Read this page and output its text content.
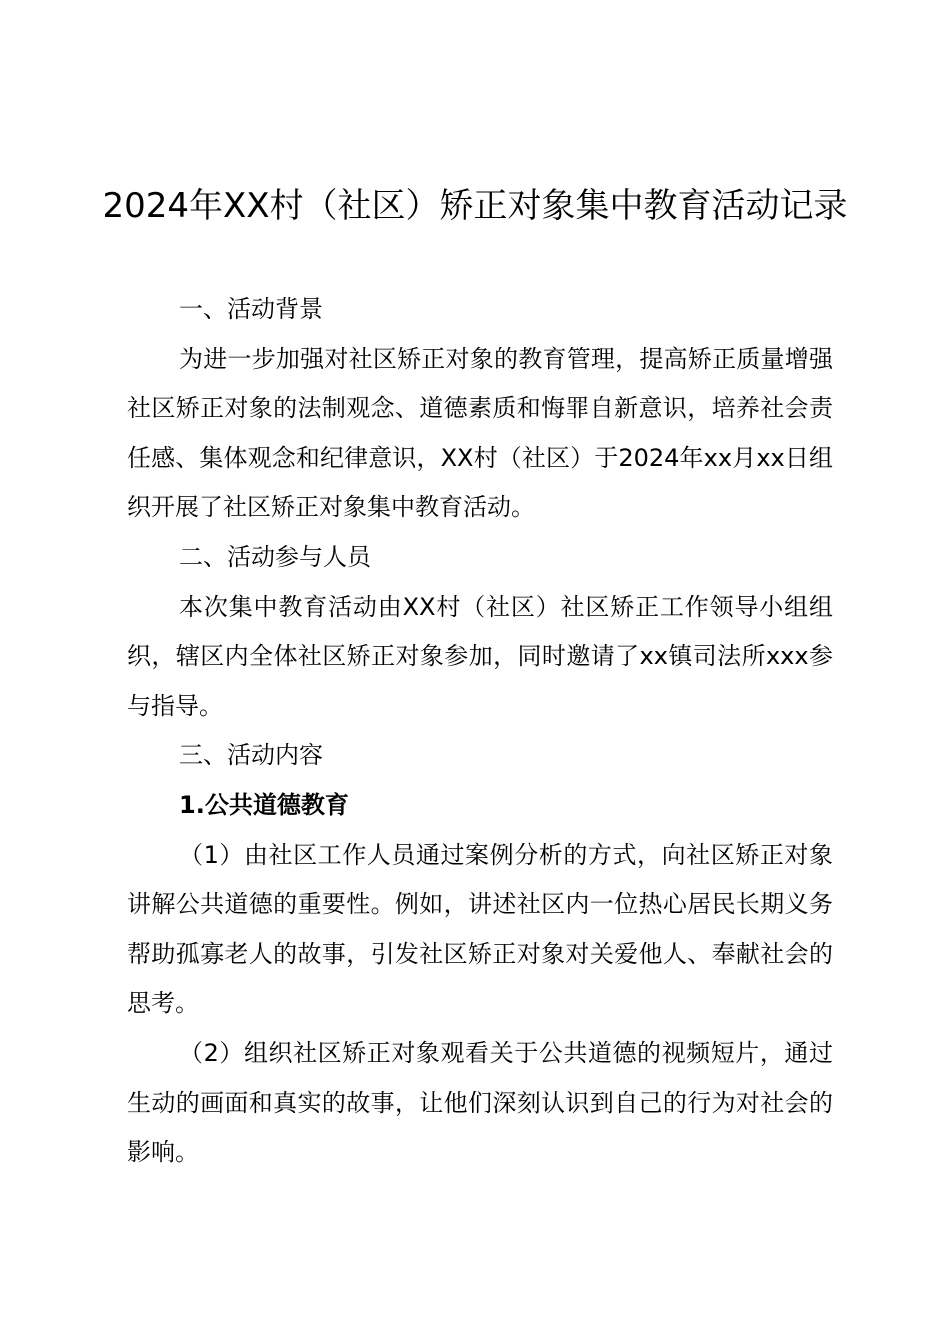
2024年XX村（社区）矫正对象集中教育活动记录

一、活动背景

为进一步加强对社区矫正对象的教育管理，提高矫正质量增强社区矫正对象的法制观念、道德素质和悔罪自新意识，培养社会责任感、集体观念和纪律意识，XX村（社区）于2024年xx月xx日组织开展了社区矫正对象集中教育活动。

二、活动参与人员

本次集中教育活动由XX村（社区）社区矫正工作领导小组组织，辖区内全体社区矫正对象参加，同时邀请了xx镇司法所xxx参与指导。

三、活动内容

1.公共道德教育

（1）由社区工作人员通过案例分析的方式，向社区矫正对象讲解公共道德的重要性。例如，讲述社区内一位热心居民长期义务帮助孤寡老人的故事，引发社区矫正对象对关爱他人、奉献社会的思考。

（2）组织社区矫正对象观看关于公共道德的视频短片，通过生动的画面和真实的故事，让他们深刻认识到自己的行为对社会的影响。
